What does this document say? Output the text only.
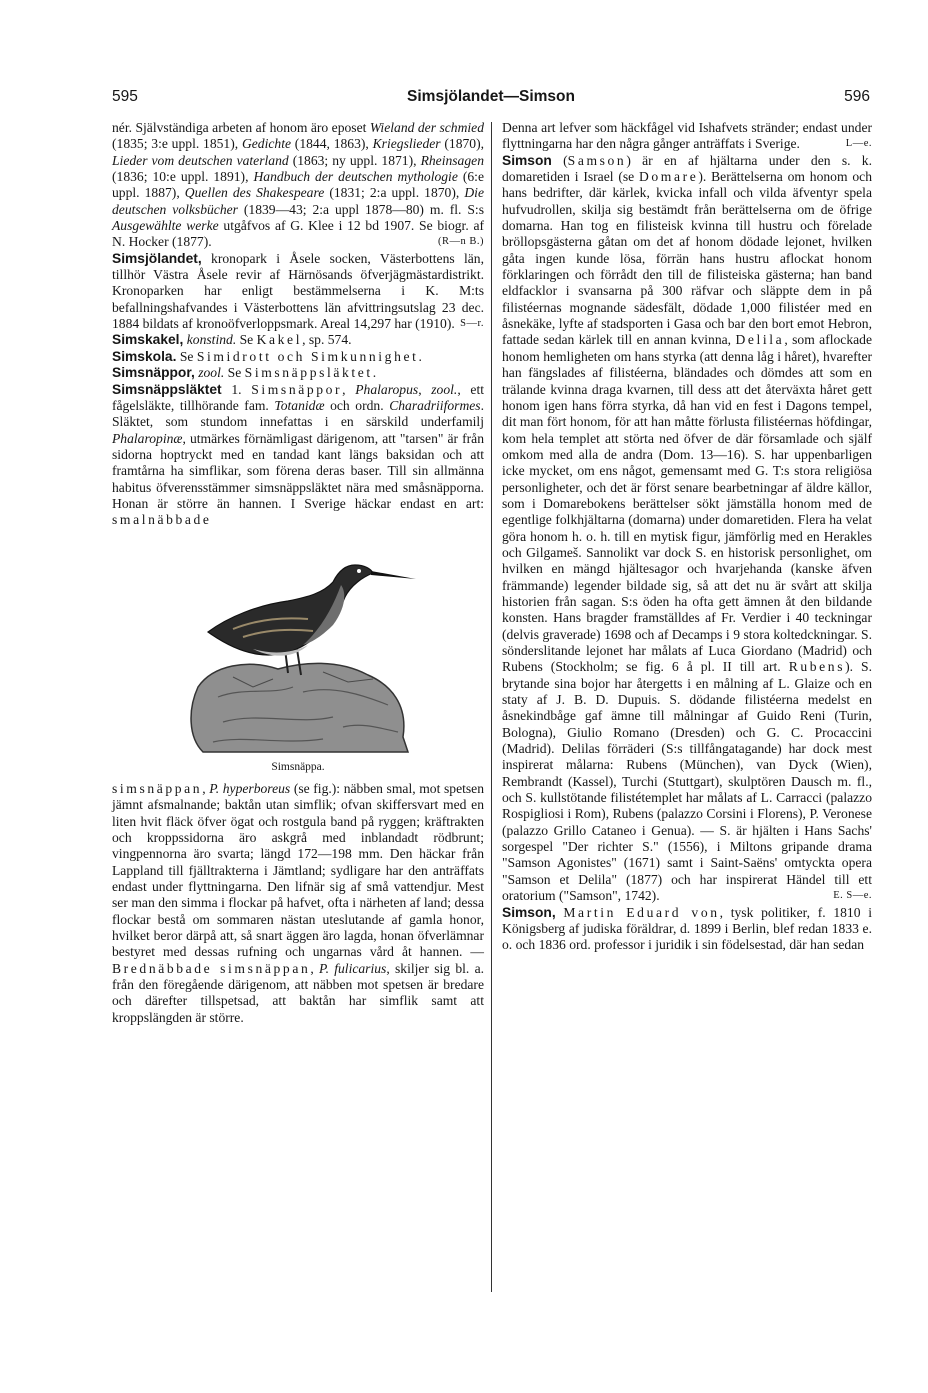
595	Simsjölandet—Simson	596

nér. Självständiga arbeten af honom äro eposet Wieland der schmied (1835; 3:e uppl. 1851), Gedichte (1844, 1863), Kriegslieder (1870), Lieder vom deutschen vaterland (1863; ny uppl. 1871), Rheinsagen (1836; 10:e uppl. 1891), Handbuch der deutschen mythologie (6:e uppl. 1887), Quellen des Shakespeare (1831; 2:a uppl. 1870), Die deutschen volksbücher (1839—43; 2:a uppl 1878—80) m. fl. S:s Ausgewählte werke utgåfvos af G. Klee i 12 bd 1907. Se biogr. af N. Hocker (1877).	(R—n B.)

Simsjölandet, kronopark i Åsele socken, Västerbottens län, tillhör Västra Åsele revir af Härnösands öfverjägmästardistrikt. Kronoparken har enligt bestämmelserna i K. M:ts befallningshafvandes i Västerbottens län afvittringsutslag 23 dec. 1884 bildats af kronoöfverloppsmark. Areal 14,297 har (1910). S—r.

Simskakel, konstind. Se Kakel, sp. 574.

Simskola. Se Simidrott och Simkunnighet.

Simsnäppor, zool. Se Simsnäppsläktet.

Simsnäppsläktet 1. Simsnäppor, Phalaropus, zool., ett fågelsläkte, tillhörande fam. Totanidæ och ordn. Charadriiformes. Släktet, som stundom innefattas i en särskild underfamilj Phalaropinæ, utmärkes förnämligast därigenom, att "tarsen" är från sidorna hoptryckt med en tandad kant längs baksidan och att framtårna ha simflikar, som förena deras baser. Till sin allmänna habitus öfverensstämmer simsnäppsläktet nära med småsnäpporna. Honan är större än hannen. I Sverige häckar endast en art: smalnäbbade

Simsnäppa.

simsnäppan, P. hyperboreus (se fig.): näbben smal, mot spetsen jämnt afsmalnande; baktån utan simflik; ofvan skiffersvart med en liten hvit fläck öfver ögat och rostgula band på ryggen; kräftrakten och kroppssidorna äro askgrå med inblandadt rödbrunt; vingpennorna äro svarta; längd 172—198 mm. Den häckar från Lappland till fjälltrakterna i Jämtland; sydligare har den anträffats endast under flyttningarna. Den lifnär sig af små vattendjur. Mest ser man den simma i flockar på hafvet, ofta i närheten af land; dessa flockar bestå om sommaren nästan uteslutande af gamla honor, hvilket beror därpå att, så snart äggen äro lagda, honan öfverlämnar bestyret med dessas rufning och ungarnas vård åt hannen. — Brednäbbade simsnäppan, P. fulicarius, skiljer sig bl. a. från den föregående därigenom, att näbben mot spetsen är bredare och därefter tillspetsad, att baktån har simflik samt att kroppslängden är större.

Denna art lefver som häckfågel vid Ishafvets stränder; endast under flyttningarna har den några gånger anträffats i Sverige.	L—e.

Simson (Samson) är en af hjältarna under den s. k. domaretiden i Israel (se Domare). Berättelserna om honom och hans bedrifter, där kärlek, kvicka infall och vilda äfventyr spela hufvudrollen, skilja sig bestämdt från berättelserna om de öfrige domarna. Han tog en filisteisk kvinna till hustru och förelade bröllopsgästerna gåtan om det af honom dödade lejonet, hvilken gåta ingen kunde lösa, förrän hans hustru aflockat honom förklaringen och förrådt den till de filisteiska gästerna; han band eldfacklor i svansarna på 300 räfvar och släppte dem in på filistéernas mognande sädesfält, dödade 1,000 filistéer med en åsnekäke, lyfte af stadsporten i Gasa och bar den bort emot Hebron, fattade sedan kärlek till en annan kvinna, Delila, som aflockade honom hemligheten om hans styrka (att denna låg i håret), hvarefter han fängslades af filistéerna, bländades och dömdes att som en trälande kvinna draga kvarnen, till dess att det återväxta håret gett honom igen hans förra styrka, då han vid en fest i Dagons tempel, dit man fört honom, för att han måtte förlusta filistéernas höfdingar, kom hela templet att störta ned öfver de där församlade och själf omkom med alla de andra (Dom. 13—16). S. har uppenbarligen icke mycket, om ens något, gemensamt med G. T:s stora religiösa personligheter, och det är först senare bearbetningar af äldre källor, som i Domarebokens berättelser sökt jämställa honom med de egentlige folkhjältarna (domarna) under domaretiden. Flera ha velat göra honom h. o. h. till en mytisk figur, jämförlig med en Herakles och Gilgameš. Sannolikt var dock S. en historisk personlighet, om hvilken en mängd hjältesagor och hvarjehanda (kanske äfven främmande) legender bildade sig, så att det nu är svårt att skilja historien från sagan. S:s öden ha ofta gett ämnen åt den bildande konsten. Hans bragder framställdes af Fr. Verdier i 40 teckningar (delvis graverade) 1698 och af Decamps i 9 stora koltedckningar. S. sönderslitande lejonet har målats af Luca Giordano (Madrid) och Rubens (Stockholm; se fig. 6 å pl. II till art. Rubens). S. brytande sina bojor har återgetts i en målning af L. Glaize och en staty af J. B. D. Dupuis. S. dödande filistéerna medelst en åsnekindbåge gaf ämne till målningar af Guido Reni (Turin, Bologna), Giulio Romano (Dresden) och G. C. Procaccini (Madrid). Delilas förräderi (S:s tillfångatagande) har dock mest inspirerat målarna: Rubens (München), van Dyck (Wien), Rembrandt (Kassel), Turchi (Stuttgart), skulptören Dausch m. fl., och S. kullstötande filistétemplet har målats af L. Carracci (palazzo Rospigliosi i Rom), Rubens (palazzo Corsini i Florens), P. Veronese (palazzo Grillo Cataneo i Genua). — S. är hjälten i Hans Sachs' sorgespel "Der richter S." (1556), i Miltons gripande drama "Samson Agonistes" (1671) samt i Saint-Saëns' omtyckta opera "Samson et Delila" (1877) och har inspirerat Händel till ett oratorium ("Samson", 1742).	E. S—e.

Simson, Martin Eduard von, tysk politiker, f. 1810 i Königsberg af judiska föräldrar, d. 1899 i Berlin, blef redan 1833 e. o. och 1836 ord. professor i juridik i sin födelsestad, där han sedan
